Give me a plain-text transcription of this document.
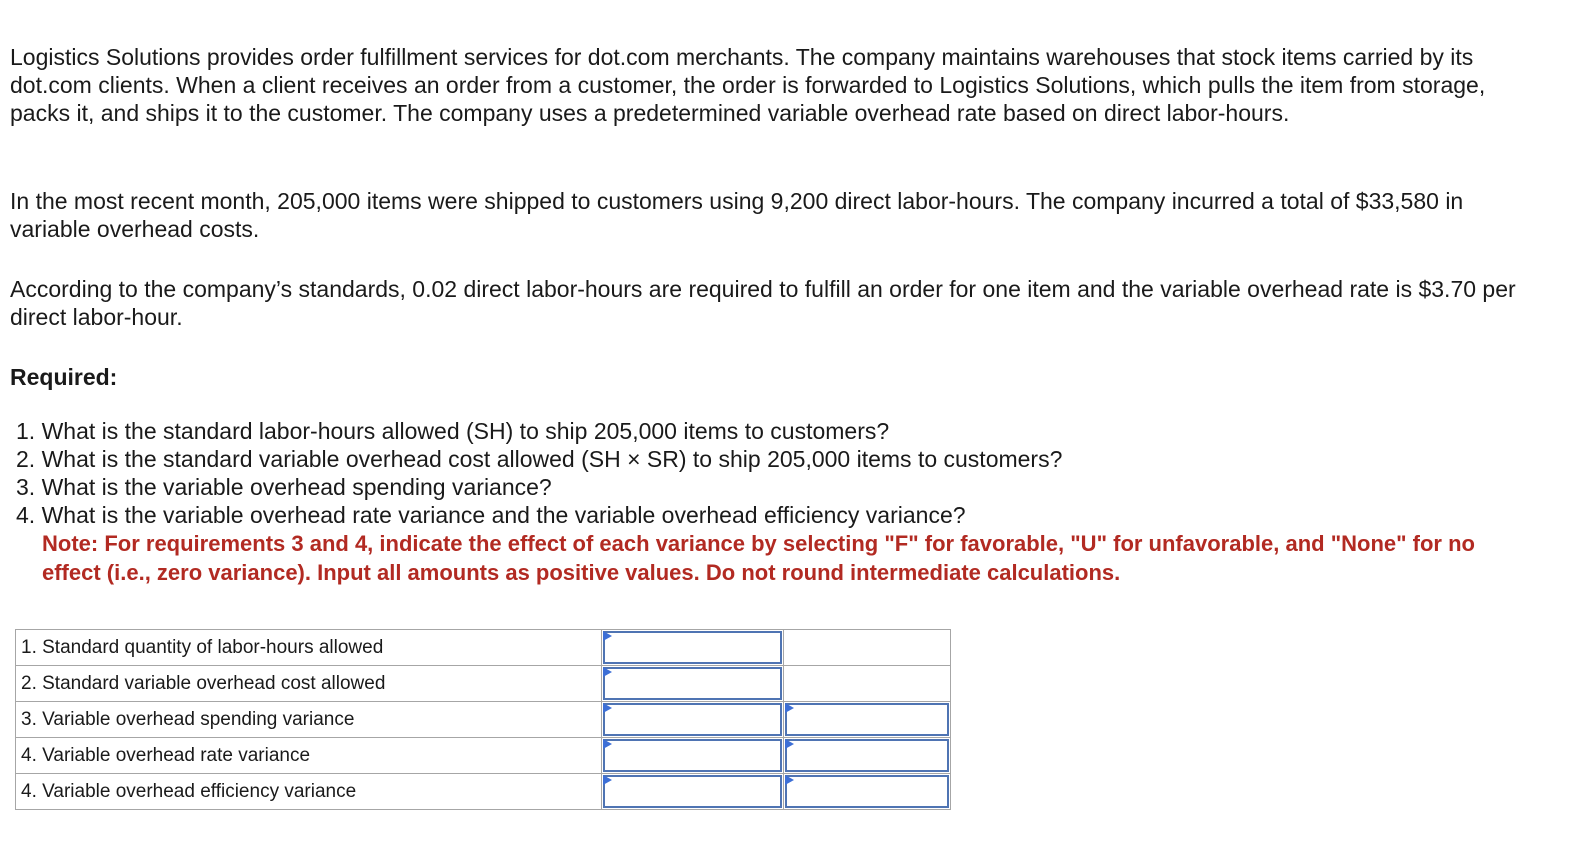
Logistics Solutions provides order fulfillment services for dot.com merchants. The company maintains warehouses that stock items carried by its dot.com clients. When a client receives an order from a customer, the order is forwarded to Logistics Solutions, which pulls the item from storage, packs it, and ships it to the customer. The company uses a predetermined variable overhead rate based on direct labor-hours.

In the most recent month, 205,000 items were shipped to customers using 9,200 direct labor-hours. The company incurred a total of $33,580 in variable overhead costs.

According to the company’s standards, 0.02 direct labor-hours are required to fulfill an order for one item and the variable overhead rate is $3.70 per direct labor-hour.

Required:
1. What is the standard labor-hours allowed (SH) to ship 205,000 items to customers?
2. What is the standard variable overhead cost allowed (SH × SR) to ship 205,000 items to customers?
3. What is the variable overhead spending variance?
4. What is the variable overhead rate variance and the variable overhead efficiency variance?
Note: For requirements 3 and 4, indicate the effect of each variance by selecting "F" for favorable, "U" for unfavorable, and "None" for no effect (i.e., zero variance). Input all amounts as positive values. Do not round intermediate calculations.
1. Standard quantity of labor-hours allowed	

2. Standard variable overhead cost allowed	

3. Variable overhead spending variance	

4. Variable overhead rate variance	

4. Variable overhead efficiency variance	
